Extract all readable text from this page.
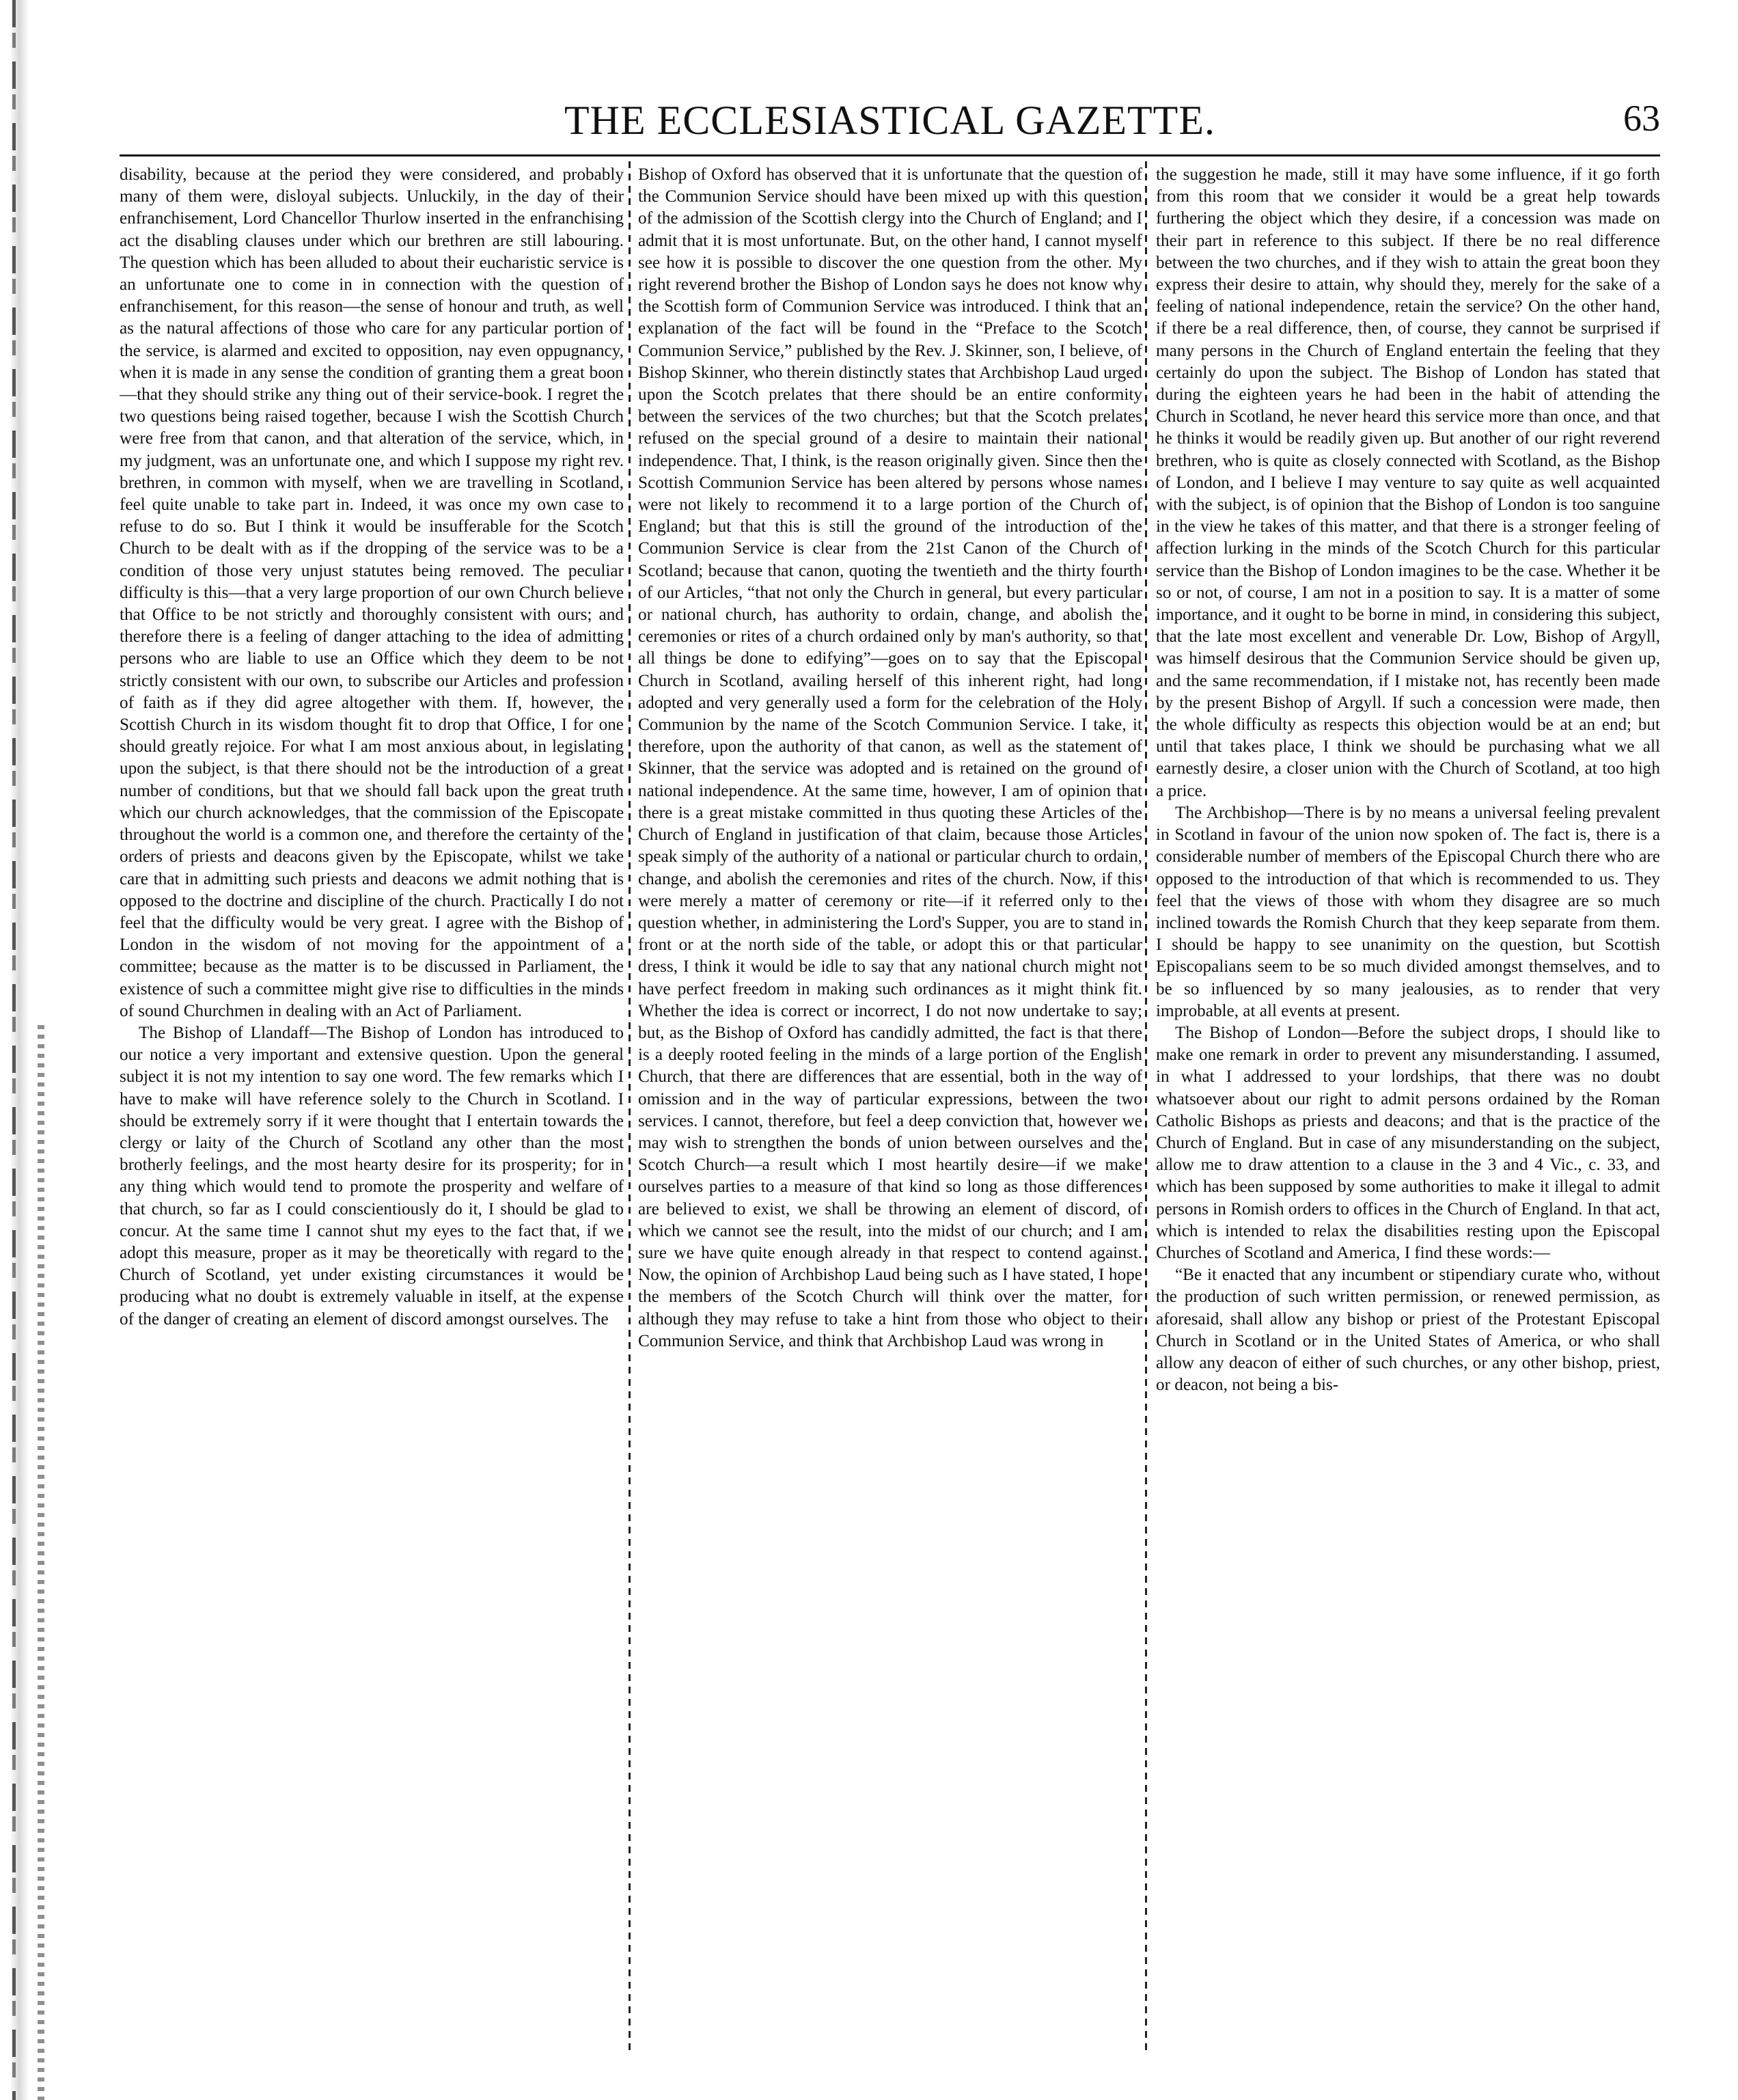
THE ECCLESIASTICAL GAZETTE.	63

disability, because at the period they were considered, and probably many of them were, disloyal subjects. Unluckily, in the day of their enfranchisement, Lord Chancellor Thurlow inserted in the enfranchising act the disabling clauses under which our brethren are still labouring. The question which has been alluded to about their eucharistic service is an unfortunate one to come in in connection with the question of enfranchisement, for this reason—the sense of honour and truth, as well as the natural affections of those who care for any particular portion of the service, is alarmed and excited to opposition, nay even oppugnancy, when it is made in any sense the condition of granting them a great boon—that they should strike any thing out of their service-book. I regret the two questions being raised together, because I wish the Scottish Church were free from that canon, and that alteration of the service, which, in my judgment, was an unfortunate one, and which I suppose my right rev. brethren, in common with myself, when we are travelling in Scotland, feel quite unable to take part in. Indeed, it was once my own case to refuse to do so. But I think it would be insufferable for the Scotch Church to be dealt with as if the dropping of the service was to be a condition of those very unjust statutes being removed. The peculiar difficulty is this—that a very large proportion of our own Church believe that Office to be not strictly and thoroughly consistent with ours; and therefore there is a feeling of danger attaching to the idea of admitting persons who are liable to use an Office which they deem to be not strictly consistent with our own, to subscribe our Articles and profession of faith as if they did agree altogether with them. If, however, the Scottish Church in its wisdom thought fit to drop that Office, I for one should greatly rejoice. For what I am most anxious about, in legislating upon the subject, is that there should not be the introduction of a great number of conditions, but that we should fall back upon the great truth which our church acknowledges, that the commission of the Episcopate throughout the world is a common one, and therefore the certainty of the orders of priests and deacons given by the Episcopate, whilst we take care that in admitting such priests and deacons we admit nothing that is opposed to the doctrine and discipline of the church. Practically I do not feel that the difficulty would be very great. I agree with the Bishop of London in the wisdom of not moving for the appointment of a committee; because as the matter is to be discussed in Parliament, the existence of such a committee might give rise to difficulties in the minds of sound Churchmen in dealing with an Act of Parliament.

The Bishop of Llandaff—The Bishop of London has introduced to our notice a very important and extensive question. Upon the general subject it is not my intention to say one word. The few remarks which I have to make will have reference solely to the Church in Scotland. I should be extremely sorry if it were thought that I entertain towards the clergy or laity of the Church of Scotland any other than the most brotherly feelings, and the most hearty desire for its prosperity; for in any thing which would tend to promote the prosperity and welfare of that church, so far as I could conscientiously do it, I should be glad to concur. At the same time I cannot shut my eyes to the fact that, if we adopt this measure, proper as it may be theoretically with regard to the Church of Scotland, yet under existing circumstances it would be producing what no doubt is extremely valuable in itself, at the expense of the danger of creating an element of discord amongst ourselves. The

Bishop of Oxford has observed that it is unfortunate that the question of the Communion Service should have been mixed up with this question of the admission of the Scottish clergy into the Church of England; and I admit that it is most unfortunate. But, on the other hand, I cannot myself see how it is possible to discover the one question from the other. My right reverend brother the Bishop of London says he does not know why the Scottish form of Communion Service was introduced. I think that an explanation of the fact will be found in the “Preface to the Scotch Communion Service,” published by the Rev. J. Skinner, son, I believe, of Bishop Skinner, who therein distinctly states that Archbishop Laud urged upon the Scotch prelates that there should be an entire conformity between the services of the two churches; but that the Scotch prelates refused on the special ground of a desire to maintain their national independence. That, I think, is the reason originally given. Since then the Scottish Communion Service has been altered by persons whose names were not likely to recommend it to a large portion of the Church of England; but that this is still the ground of the introduction of the Communion Service is clear from the 21st Canon of the Church of Scotland; because that canon, quoting the twentieth and the thirty fourth of our Articles, “that not only the Church in general, but every particular or national church, has authority to ordain, change, and abolish the ceremonies or rites of a church ordained only by man's authority, so that all things be done to edifying”—goes on to say that the Episcopal Church in Scotland, availing herself of this inherent right, had long adopted and very generally used a form for the celebration of the Holy Communion by the name of the Scotch Communion Service. I take, it therefore, upon the authority of that canon, as well as the statement of Skinner, that the service was adopted and is retained on the ground of national independence. At the same time, however, I am of opinion that there is a great mistake committed in thus quoting these Articles of the Church of England in justification of that claim, because those Articles speak simply of the authority of a national or particular church to ordain, change, and abolish the ceremonies and rites of the church. Now, if this were merely a matter of ceremony or rite—if it referred only to the question whether, in administering the Lord's Supper, you are to stand in front or at the north side of the table, or adopt this or that particular dress, I think it would be idle to say that any national church might not have perfect freedom in making such ordinances as it might think fit. Whether the idea is correct or incorrect, I do not now undertake to say; but, as the Bishop of Oxford has candidly admitted, the fact is that there is a deeply rooted feeling in the minds of a large portion of the English Church, that there are differences that are essential, both in the way of omission and in the way of particular expressions, between the two services. I cannot, therefore, but feel a deep conviction that, however we may wish to strengthen the bonds of union between ourselves and the Scotch Church—a result which I most heartily desire—if we make ourselves parties to a measure of that kind so long as those differences are believed to exist, we shall be throwing an element of discord, of which we cannot see the result, into the midst of our church; and I am sure we have quite enough already in that respect to contend against. Now, the opinion of Archbishop Laud being such as I have stated, I hope the members of the Scotch Church will think over the matter, for although they may refuse to take a hint from those who object to their Communion Service, and think that Archbishop Laud was wrong in

the suggestion he made, still it may have some influence, if it go forth from this room that we consider it would be a great help towards furthering the object which they desire, if a concession was made on their part in reference to this subject. If there be no real difference between the two churches, and if they wish to attain the great boon they express their desire to attain, why should they, merely for the sake of a feeling of national independence, retain the service? On the other hand, if there be a real difference, then, of course, they cannot be surprised if many persons in the Church of England entertain the feeling that they certainly do upon the subject. The Bishop of London has stated that during the eighteen years he had been in the habit of attending the Church in Scotland, he never heard this service more than once, and that he thinks it would be readily given up. But another of our right reverend brethren, who is quite as closely connected with Scotland, as the Bishop of London, and I believe I may venture to say quite as well acquainted with the subject, is of opinion that the Bishop of London is too sanguine in the view he takes of this matter, and that there is a stronger feeling of affection lurking in the minds of the Scotch Church for this particular service than the Bishop of London imagines to be the case. Whether it be so or not, of course, I am not in a position to say. It is a matter of some importance, and it ought to be borne in mind, in considering this subject, that the late most excellent and venerable Dr. Low, Bishop of Argyll, was himself desirous that the Communion Service should be given up, and the same recommendation, if I mistake not, has recently been made by the present Bishop of Argyll. If such a concession were made, then the whole difficulty as respects this objection would be at an end; but until that takes place, I think we should be purchasing what we all earnestly desire, a closer union with the Church of Scotland, at too high a price.

The Archbishop—There is by no means a universal feeling prevalent in Scotland in favour of the union now spoken of. The fact is, there is a considerable number of members of the Episcopal Church there who are opposed to the introduction of that which is recommended to us. They feel that the views of those with whom they disagree are so much inclined towards the Romish Church that they keep separate from them. I should be happy to see unanimity on the question, but Scottish Episcopalians seem to be so much divided amongst themselves, and to be so influenced by so many jealousies, as to render that very improbable, at all events at present.

The Bishop of London—Before the subject drops, I should like to make one remark in order to prevent any misunderstanding. I assumed, in what I addressed to your lordships, that there was no doubt whatsoever about our right to admit persons ordained by the Roman Catholic Bishops as priests and deacons; and that is the practice of the Church of England. But in case of any misunderstanding on the subject, allow me to draw attention to a clause in the 3 and 4 Vic., c. 33, and which has been supposed by some authorities to make it illegal to admit persons in Romish orders to offices in the Church of England. In that act, which is intended to relax the disabilities resting upon the Episcopal Churches of Scotland and America, I find these words:—

“Be it enacted that any incumbent or stipendiary curate who, without the production of such written permission, or renewed permission, as aforesaid, shall allow any bishop or priest of the Protestant Episcopal Church in Scotland or in the United States of America, or who shall allow any deacon of either of such churches, or any other bishop, priest, or deacon, not being a bis-
